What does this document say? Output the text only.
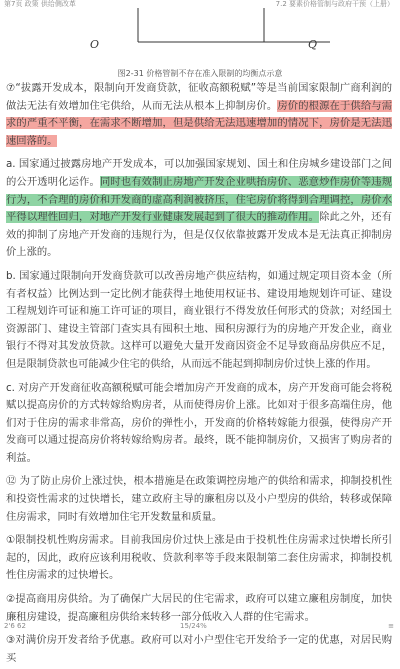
第7页 政策 供给侧改革	7.2 要素价格管制与政府干预（上册）
O	Q
图2-31 价格管制不存在准入限制的均衡点示意

⑦“拔露开发成本，限制向开发商贷款，征收高额税赋”等是当前国家限制广商利润的做法无法有效增加住宅供给，从而无法从根本上抑制房价。房价的根源在于供给与需求的严重不平衡，在需求不断增加，但是供给无法迅速增加的情况下，房价是无法迅速回落的。

a. 国家通过披露房地产开发成本，可以加强国家规划、国土和住房城乡建设部门之间的公开透明化运作。同时也有效制止房地产开发企业哄抬房价、恶意炒作房价等违规行为，不合理的房价和开发商的虚高利润被挤压，住宅房价将得到合理调控，房价水平得以理性回归，对地产开发行业健康发展起到了很大的推动作用。除此之外，还有效的抑制了房地产开发商的违规行为，但是仅仅依靠披露开发成本是无法真正抑制房价上涨的。

b. 国家通过限制向开发商贷款可以改善房地产供应结构，如通过规定项目资本金（所有者权益）比例达到一定比例才能获得土地使用权证书、建设用地规划许可证、建设工程规划许可证和施工许可证的项目，商业银行不得发放任何形式的贷款；对经国土资源部门、建设主管部门查实具有囤积土地、囤积房源行为的房地产开发企业，商业银行不得对其发放贷款。这样可以避免大量开发商因资金不足导致商品房供应不足，但是限制贷款也可能减少住宅的供给，从而远不能起到抑制房价过快上涨的作用。

c. 对房产开发商征收高额税赋可能会增加房产开发商的成本，房产开发商可能会将税赋以提高房价的方式转嫁给购房者，从而使得房价上涨。比如对于很多高端住房，他们对于住房的需求非常高，房价的弹性小，开发商的价格转嫁能力很强，使得房产开发商可以通过提高房价将转嫁给购房者。最终，既不能抑制房价，又损害了购房者的利益。

⑫ 为了防止房价上涨过快，根本措施是在政策调控房地产的供给和需求，抑制投机性和投资性需求的过快增长，建立政府主导的廉租房以及小户型房的供给，转移或保障住房需求，同时有效增加住宅开发数量和质量。

①限制投机性购房需求。目前我国房价过快上涨是由于投机性住房需求过快增长所引起的，因此，政府应该利用税收、贷款利率等手段来限制第二套住房需求，抑制投机性住房需求的过快增长。

②提高商用房供给。为了确保广大居民的住宅需求，政府可以建立廉租房制度，加快廉租房建设，提高廉租房供给来转移一部分低收入人群的住宅需求。

③对满价房开发者给予优惠。政府可以对小户型住宅开发给予一定的优惠，对居民购买

2'6 62	15/24%	≡
